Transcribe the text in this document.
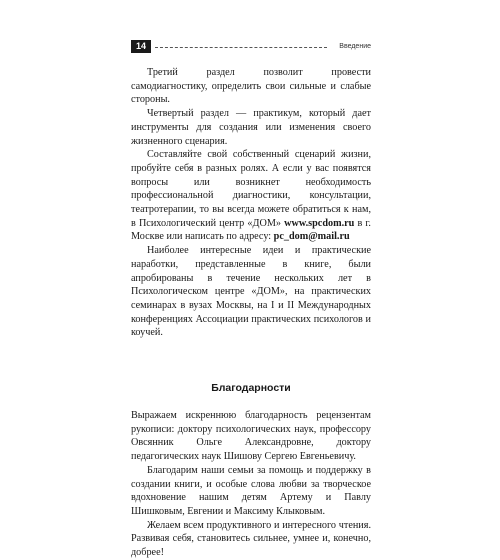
14	Введение

Третий раздел позволит провести самодиагностику, определить свои сильные и слабые стороны.

Четвертый раздел — практикум, который дает инструменты для создания или изменения своего жизненного сценария.

Составляйте свой собственный сценарий жизни, пробуйте себя в разных ролях. А если у вас появятся вопросы или возникнет необходимость профессиональной диагностики, консультации, театротерапии, то вы всегда можете обратиться к нам, в Психологический центр «ДОМ» www.spcdom.ru в г. Москве или написать по адресу: pc_dom@mail.ru

Наиболее интересные идеи и практические наработки, представленные в книге, были апробированы в течение нескольких лет в Психологическом центре «ДОМ», на практических семинарах в вузах Москвы, на I и II Международных конференциях Ассоциации практических психологов и коучей.

Благодарности

Выражаем искреннюю благодарность рецензентам рукописи: доктору психологических наук, профессору Овсянник Ольге Александровне, доктору педагогических наук Шишову Сергею Евгеньевичу.

Благодарим наши семьи за помощь и поддержку в создании книги, и особые слова любви за творческое вдохновение нашим детям Артему и Павлу Шишковым, Евгении и Максиму Клыковым.

Желаем всем продуктивного и интересного чтения. Развивая себя, становитесь сильнее, умнее и, конечно, добрее!
